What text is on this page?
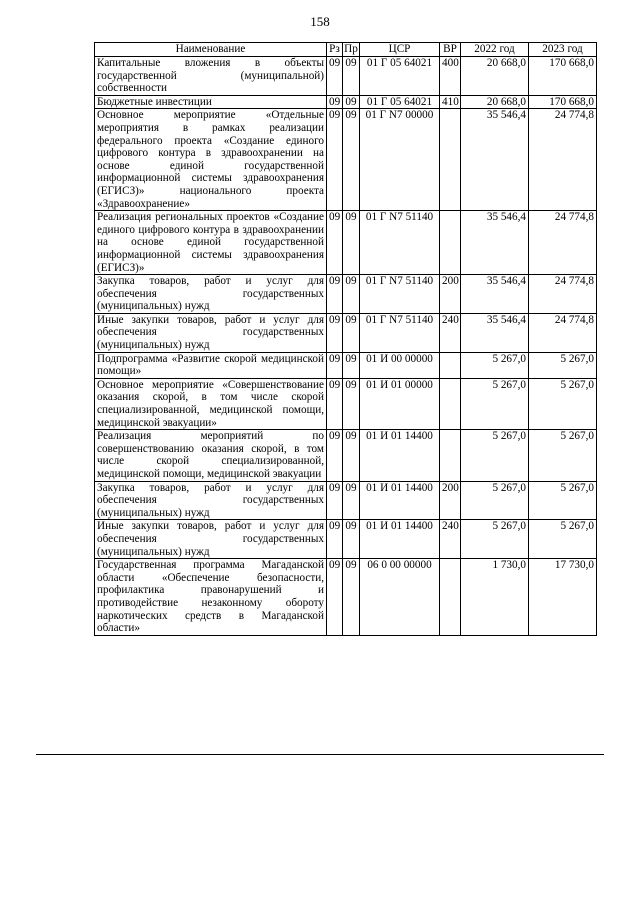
158
Наименование	Рз	Пр	ЦСР	ВР	2022 год	2023 год
Капитальные вложения в объекты государственной (муниципальной) собственности	09	09	01 Г 05 64021	400	20 668,0	170 668,0
Бюджетные инвестиции	09	09	01 Г 05 64021	410	20 668,0	170 668,0
Основное мероприятие «Отдельные мероприятия в рамках реализации федерального проекта «Создание единого цифрового контура в здравоохранении на основе единой государственной информационной системы здравоохранения (ЕГИСЗ)» национального проекта «Здравоохранение»	09	09	01 Г N7 00000		35 546,4	24 774,8
Реализация региональных проектов «Создание единого цифрового контура в здравоохранении на основе единой государственной информационной системы здравоохранения (ЕГИСЗ)»	09	09	01 Г N7 51140		35 546,4	24 774,8
Закупка товаров, работ и услуг для обеспечения государственных (муниципальных) нужд	09	09	01 Г N7 51140	200	35 546,4	24 774,8
Иные закупки товаров, работ и услуг для обеспечения государственных (муниципальных) нужд	09	09	01 Г N7 51140	240	35 546,4	24 774,8
Подпрограмма «Развитие скорой медицинской помощи»	09	09	01 И 00 00000		5 267,0	5 267,0
Основное мероприятие «Совершенствование оказания скорой, в том числе скорой специализированной, медицинской помощи, медицинской эвакуации»	09	09	01 И 01 00000		5 267,0	5 267,0
Реализация мероприятий по совершенствованию оказания скорой, в том числе скорой специализированной, медицинской помощи, медицинской эвакуации	09	09	01 И 01 14400		5 267,0	5 267,0
Закупка товаров, работ и услуг для обеспечения государственных (муниципальных) нужд	09	09	01 И 01 14400	200	5 267,0	5 267,0
Иные закупки товаров, работ и услуг для обеспечения государственных (муниципальных) нужд	09	09	01 И 01 14400	240	5 267,0	5 267,0
Государственная программа Магаданской области «Обеспечение безопасности, профилактика правонарушений и противодействие незаконному обороту наркотических средств в Магаданской области»	09	09	06 0 00 00000		1 730,0	17 730,0
